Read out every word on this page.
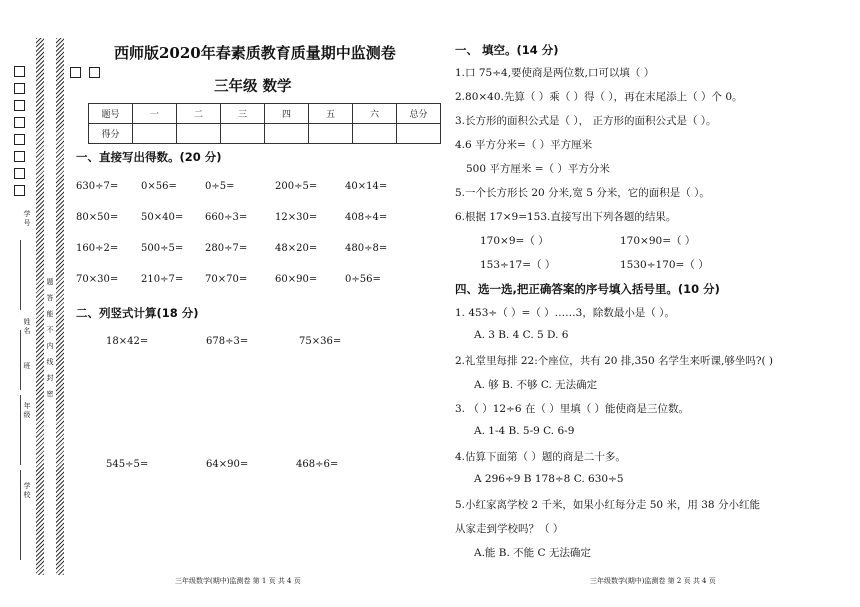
学号
姓名
班
年级
学校
题答能不内线封密
西师版2020年春素质教育质量期中监测卷
三年级 数学
题号	一	二	三	四	五	六	总分
得分							
一、直接写出得数。(20 分)
630÷7= 0×56=	0÷5=	200÷5=	40×14=
80×50= 50×40= 660÷3=	12×30=	408÷4=
160÷2= 500÷5= 280÷7=	48×20=	480÷8=
70×30= 210÷7= 70×70=	60×90=	0÷56=
二、列竖式计算(18 分)
18×42=	678÷3=	75×36=
545÷5=	64×90=	468÷6=
三年级数学(期中)监测卷 第 1 页 共 4 页
一、 填空。(14 分)
1.口 75÷4,要使商是两位数,口可以填（ ）
2.80×40.先算（ ）乘（ ）得（ ），再在末尾添上（ ）个 0。
3.长方形的面积公式是（ ）， 正方形的面积公式是（ ）。
4.6 平方分米=（ ）平方厘米
500 平方厘米 =（ ）平方分米
5.一个长方形长 20 分米,宽 5 分米，它的面积是（ ）。
6.根据 17×9=153.直接写出下列各题的结果。
170×9=（ ）	170×90=（ ）
153÷17=（ ）	1530÷170=（ ）
四、选一选,把正确答案的序号填入括号里。(10 分)
1. 453÷（ ）=（ ）……3，除数最小是（ ）。
A. 3 B. 4 C. 5 D. 6
2.礼堂里每排 22:个座位，共有 20 排,350 名学生来听课,够坐吗?( )
A. 够 B. 不够 C. 无法确定
3. （ ）12÷6 在（ ）里填（ ）能使商是三位数。
A. 1-4 B. 5-9 C. 6-9
4.估算下面第（ ）题的商是二十多。
A 296÷9 B 178÷8 C. 630÷5
5.小红家离学校 2 千米，如果小红每分走 50 米，用 38 分小红能
从家走到学校吗？（ ）
A.能 B. 不能 C 无法确定
三年级数学(期中)监测卷 第 2 页 共 4 页
